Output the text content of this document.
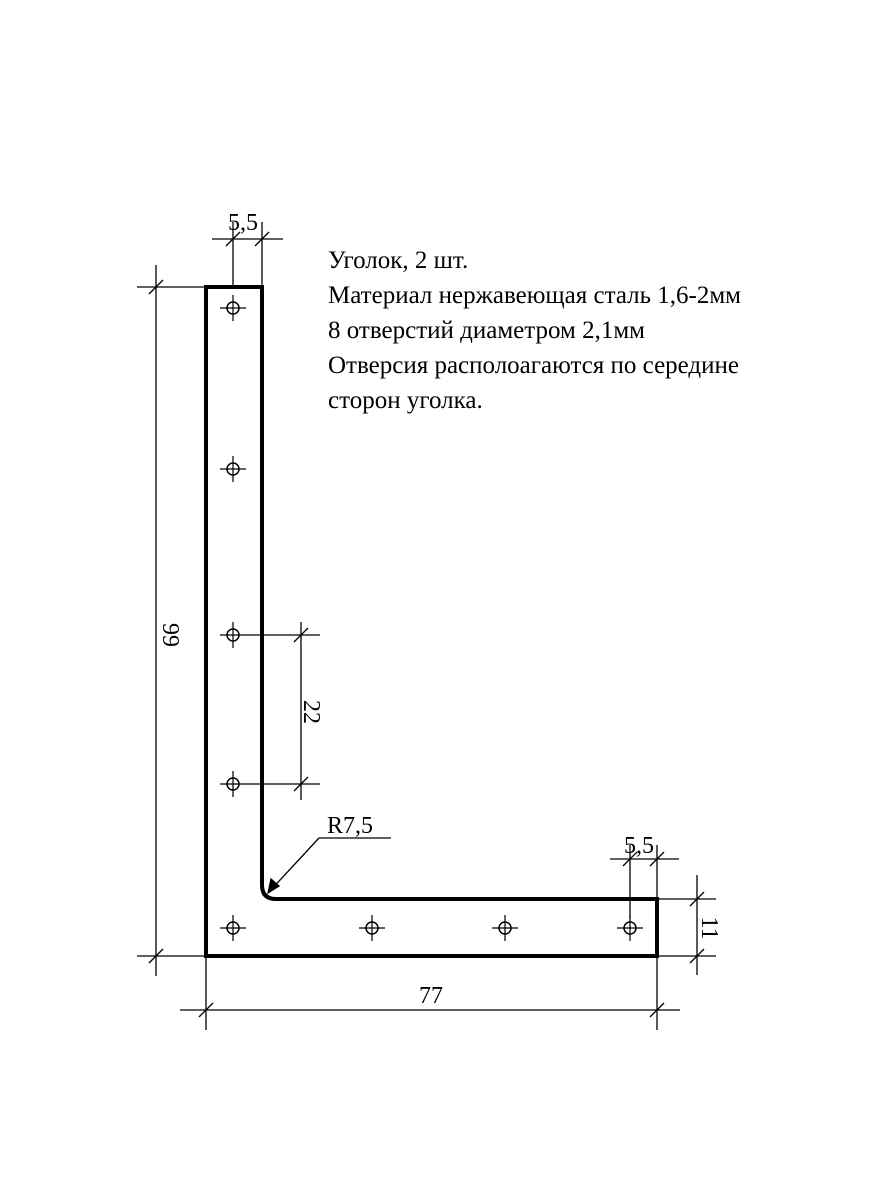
5,5
99
22
R7,5
5,5
11
77
Уголок, 2 шт.
Материал нержавеющая сталь 1,6-2мм
8 отверстий диаметром 2,1мм
Отверсия располоагаются по середине
сторон уголка.
